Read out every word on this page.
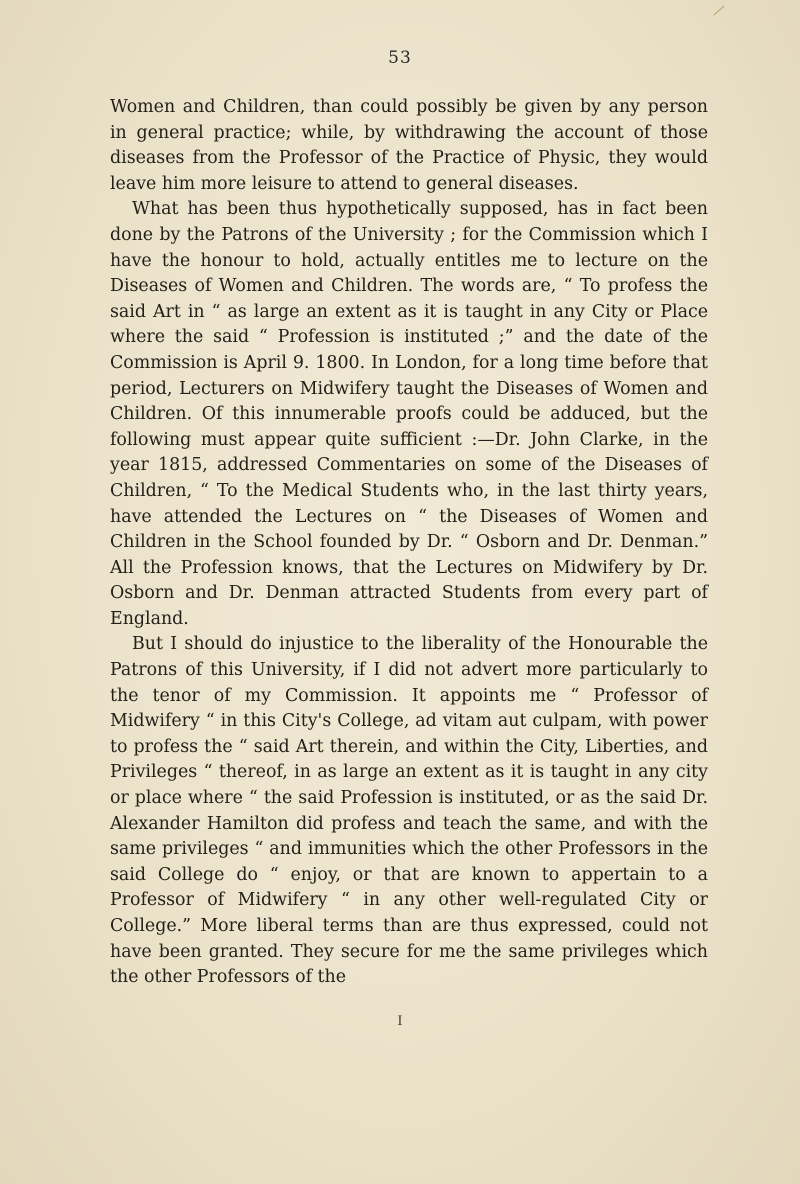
53

Women and Children, than could possibly be given by any person in general practice; while, by withdrawing the account of those diseases from the Professor of the Practice of Physic, they would leave him more leisure to attend to general diseases.

What has been thus hypothetically supposed, has in fact been done by the Patrons of the University ; for the Commission which I have the honour to hold, actually entitles me to lecture on the Diseases of Women and Children. The words are, “ To profess the said Art in “ as large an extent as it is taught in any City or Place where the said “ Profession is instituted ;” and the date of the Commission is April 9. 1800. In London, for a long time before that period, Lecturers on Midwifery taught the Diseases of Women and Children. Of this innumerable proofs could be adduced, but the following must appear quite sufficient :—Dr. John Clarke, in the year 1815, addressed Commentaries on some of the Diseases of Children, “ To the Medical Students who, in the last thirty years, have attended the Lectures on “ the Diseases of Women and Children in the School founded by Dr. “ Osborn and Dr. Denman.” All the Profession knows, that the Lectures on Midwifery by Dr. Osborn and Dr. Denman attracted Students from every part of England.

But I should do injustice to the liberality of the Honourable the Patrons of this University, if I did not advert more particularly to the tenor of my Commission. It appoints me “ Professor of Midwifery “ in this City's College, ad vitam aut culpam, with power to profess the “ said Art therein, and within the City, Liberties, and Privileges “ thereof, in as large an extent as it is taught in any city or place where “ the said Profession is instituted, or as the said Dr. Alexander Hamilton did profess and teach the same, and with the same privileges “ and immunities which the other Professors in the said College do “ enjoy, or that are known to appertain to a Professor of Midwifery “ in any other well-regulated City or College.” More liberal terms than are thus expressed, could not have been granted. They secure for me the same privileges which the other Professors of the

I
